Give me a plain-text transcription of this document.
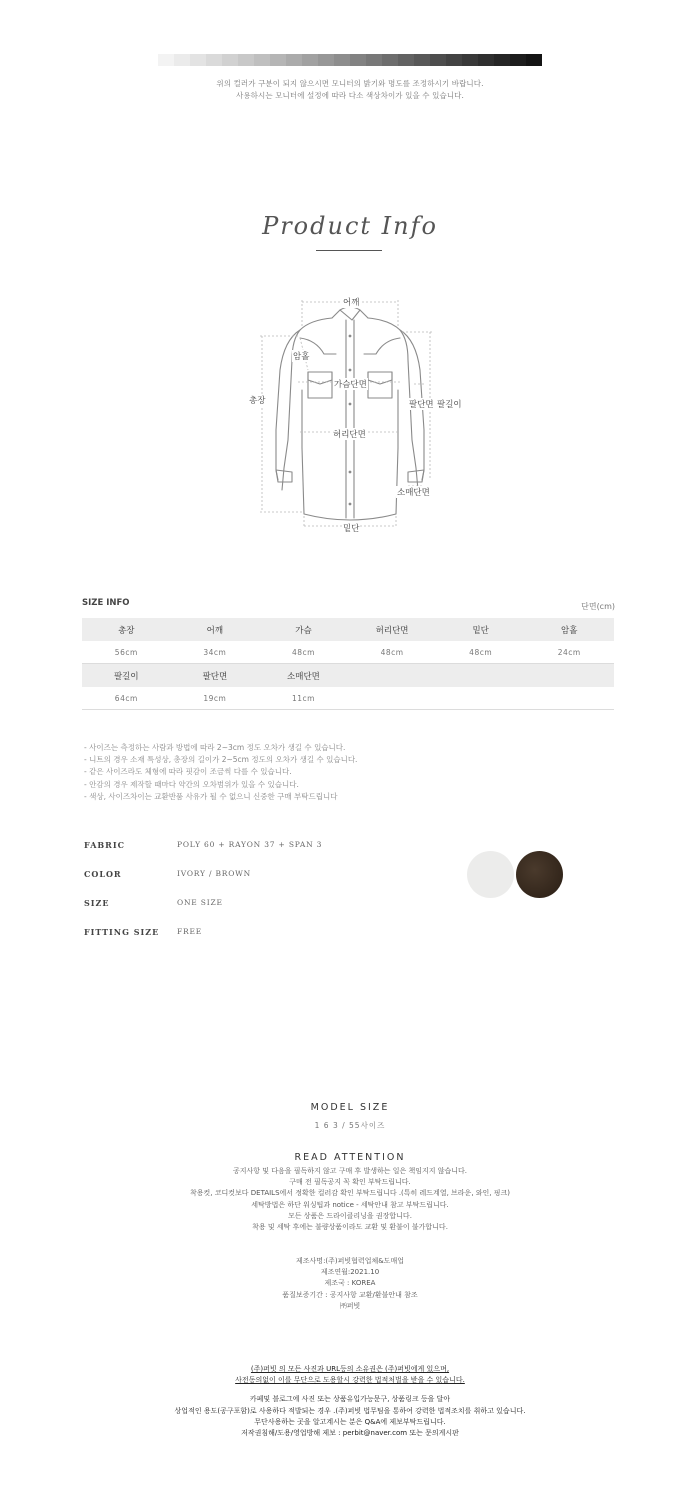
위의 컬러가 구분이 되지 않으시면 모니터의 밝기와 명도를 조정하시기 바랍니다.
사용하시는 모니터에 설정에 따라 다소 색상차이가 있을 수 있습니다.
Product Info
어깨
암홀
가슴단면
총장	팔단면 팔길이
허리단면
소매단면
밑단
SIZE INFO	단면(cm)
총장	어깨	가슴	허리단면	밑단	암홀
56cm	34cm	48cm	48cm	48cm	24cm
팔길이	팔단면	소매단면
64cm	19cm	11cm
- 사이즈는 측정하는 사람과 방법에 따라 2~3cm 정도 오차가 생길 수 있습니다.
- 니트의 경우 소재 특성상, 총장의 길이가 2~5cm 정도의 오차가 생길 수 있습니다.
- 같은 사이즈라도 체형에 따라 핏감이 조금씩 다를 수 있습니다.
- 안감의 경우 제작할 때마다 약간의 오차범위가 있을 수 있습니다.
- 색상, 사이즈차이는 교환반품 사유가 될 수 없으니 신중한 구매 부탁드립니다
FABRIC	POLY 60 + RAYON 37 + SPAN 3
COLOR	IVORY / BROWN
SIZE	ONE SIZE
FITTING SIZE FREE
MODEL SIZE
1 6 3 / 55사이즈
READ ATTENTION
공지사항 및 다음을 필독하지 않고 구매 후 발생하는 일은 책임지지 않습니다.
구매 전 필독공지 꼭 확인 부탁드립니다.
착용컷, 코디컷보다 DETAILS에서 정확한 컬러감 확인 부탁드립니다 .(특히 레드계열, 브라운, 와인, 핑크)
세탁방법은 하단 워싱팁과 notice - 세탁안내 참고 부탁드립니다.
모든 상품은 드라이클리닝을 권장합니다.
착용 및 세탁 후에는 불량상품이라도 교환 및 환불이 불가합니다.
제조사명:(주)퍼빗협력업체&도매업
제조연월:2021.10
제조국 : KOREA
품질보증기간 : 공지사항 교환/환불안내 참조
㈜퍼빗
(주)퍼빗 의 모든 사진과 URL등의 소유권은 (주)퍼빗에게 있으며,
사전동의없이 이를 무단으로 도용할시 강력한 법적처벌을 받을 수 있습니다.
카페및 블로그에 사진 또는 상품유입가능문구, 상품링크 등을 달아
상업적인 용도(공구포함)로 사용하다 적발되는 경우 .(주)퍼빗 법무팀을 통하여 강력한 법적조치를 취하고 있습니다.
무단사용하는 곳을 알고계시는 분은 Q&A에 제보부탁드립니다.
저작권침해/도용/영업방해 제보 : perbit@naver.com 또는 문의게시판
